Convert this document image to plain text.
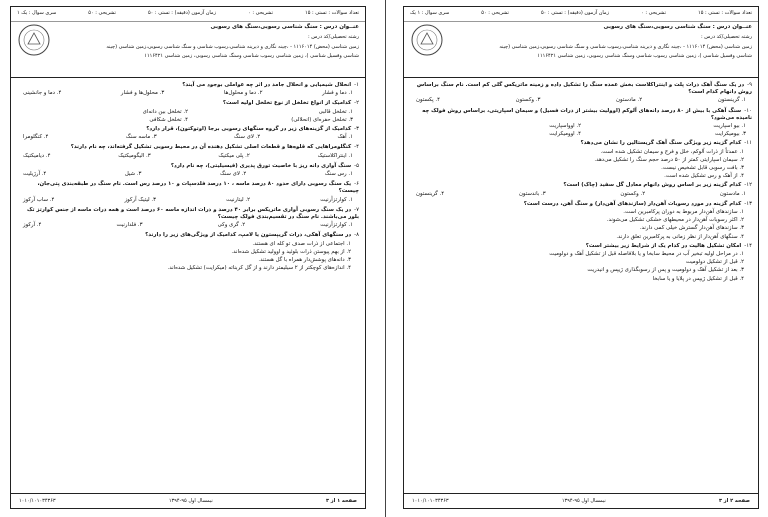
تعداد سوالات : تستی : ۱۵
تشریحی : ۰
زمان آزمون (دقیقه) : تستی : ۵۰
تشریحی : ۵۰
سری سوال : یک ۱
عنــوان درس : سنگ شناسی رسوبی،سنگ های رسوبی
رشته تحصیلی/کد درس :
زمین شناسی (محض) ۱۱۱۶۰۱۴ - ،چینه نگاری و دیرینه شناسی،رسوب شناسی و سنگ شناسی رسوبی،زمین شناسی (چینه
شناسی وفسیل شناسی )، زمین شناسی رسوب شناسی وسنگ شناسی رسوبی، زمین شناسی ۱۱۱۶۴۲۱
۱-انحلال شیمیایی و انحلال جامد در اثر چه عواملی بوجود می آیند؟
۱. دما و فشار
۲. دما و محلول‌ها
۳. محلول‌ها و فشار
۴. دما و جانشینی
۲-کدامیک از انواع تخلخل از نوع تخلخل اولیه است؟
۱. تخلخل قالبی
۲. تخلخل بین دانه‌ای
۳. تخلخل حفره‌ای (انحلالی)
۴. تخلخل شکافی
۳-کدامیک از گزینه‌های زیر در گروه سنگهای رسوبی برجا (اوتوکتون)، قرار دارد؟
۱. آهک
۲. لای سنگ
۳. ماسه سنگ
۴. کنگلومرا
۴-کنگلومراهایی که قلوه‌ها و قطعات اصلی تشکیل دهنده آن در محیط رسوبی تشکیل گرفته‌اند، چه نام دارند؟
۱. اینتراکلاستیک
۲. پلی میکتیک
۳. الیگومیکتیک
۴. دیامیکتیک
۵-سنگ آواری دانه ریز با خاصیت تورق پذیری (فیسیلیتی)، چه نام دارد؟
۱. رس سنگ
۲. لای سنگ
۳. شیل
۴. آرژیلیت
۶-یک سنگ رسوبی دارای حدود ۸۰ درصد ماسه ، ۱۰ درصد فلدسپات و ۱۰ درصد رس است. نام سنگ در طبقه‌بندی پتی‌جان، چیست؟
۱. کوارتزآرنیت
۲. لیتارنیت
۳. لیتیک آرکوز
۴. ساب آرکوز
۷-در یک سنگ رسوبی آواری ماتریکس برابر ۴۰ درصد و ذرات اندازه ماسه ۶۰ درصد است و همه ذرات ماسه از جنس کوارتز تک بلور می‌باشند. نام سنگ در تقسیم‌بندی فولک چیست؟
۱. کوارتزآرنیت
۲. گری وکی
۳. فلدارنیت
۴. آرکوز
۸-در سنگهای آهکی، ذرات گریپستون یا لامپ، کدامیک از ویژگی‌های زیر را دارند؟
۱. اجتماعی از ذرات صدف تو کله ای هستند.
۲. از بهم پیوستن ذرات بلوئید و اوولید تشکیل شده‌اند.
۳. دانه‌های پوشش‌دار همراه با گل هستند.
۴. اندازه‌های کوچکتر از ۲ سیلیمتر دارند و از گل کربناته (میکرایت) تشکیل شده‌اند.
صفحه ۱ از ۳
نیمسال اول ۹۵-۱۳۹۴
۱۰۱۰/۱۰۱۰۳۴۳۶۳
تعداد سوالات : تستی : ۱۵
تشریحی : ۰
زمان آزمون (دقیقه) : تستی : ۵۰
تشریحی : ۵۰
سری سوال : ۱ یک
عنــوان درس : سنگ شناسی رسوبی،سنگ های رسوبی
رشته تحصیلی/کد درس :
زمین شناسی (محض) ۱۱۱۶۰۱۴ - ،چینه نگاری و دیرینه شناسی،رسوب شناسی و سنگ شناسی رسوبی،زمین شناسی (چینه
شناسی وفسیل شناسی )، زمین شناسی رسوب شناسی وسنگ شناسی رسوبی، زمین شناسی ۱۱۱۶۴۲۱
۹-در یک سنگ آهک ذرات پلت و اینتراکلاست بخش عمده سنگ را تشکیل داده و زمینه ماتریکس گلی کم است. نام سنگ براساس روش دانهام کدام است؟
۱. گرینستون
۲. مادستون
۳. وکستون
۴. پکستون
۱۰-سنگ آهکی با بیش از ۸۰ درصد دانه‌های آلوکم (اوولیت بیشتر از ذرات فسیل) و سیمان اسپاریتی، براساس روش فولک چه نامیده می‌شود؟
۱. بیو اسپاریت
۲. اوواسپاریت
۳. بیومیکرایت
۴. اوومیکرایت
۱۱-کدام گزینه زیر ویژگی سنگ آهک گریستالین را نشان می‌دهد؟
۱. عمدتاً از ذرات آلوکم، خلل و فرج و سیمان تشکیل شده است.
۲. سیمان اسپارایتی کمتر از ۵۰ درصد حجم سنگ را تشکیل می‌دهد.
۳. بافت رسوبی قابل تشخیص نیست.
۴. از آهک و رس تشکیل شده است.
۱۲-کدام گزینه زیر بر اساس روش دانهام معادل گل سفید (چاک) است؟
۱. مادستون
۲. وکستون
۳. باندستون
۴. گرینستون
۱۳-کدام گزینه در مورد رسوبات آهن‌دار (سازندهای آهن‌دار) و سنگ آهن، درست است؟
۱. سازندهای آهن‌دار مربوط به دوران پرکامبرین است.
۲. اکثر رسوبات آهن‌دار در محیطهای خشکی تشکیل می‌شوند.
۳. سازندهای آهن‌دار گسترش خیلی کمی دارند.
۴. سنگهای آهن‌دار از نظر زمانی به پرکامبرین تعلق دارند.
۱۴-امکان تشکیل هالیت در کدام یک از شرایط زیر بیشتر است؟
۱. در مراحل اولیه تبخیر آب در محیط سابخا و یا بلافاصله قبل از تشکیل آهک و دولومیت
۲. قبل از تشکیل دولومیت
۳. بعد از تشکیل آهک و دولومیت و پس از رسوبگذاری ژیپس و انیدریت
۴. قبل از تشکیل ژیپس در پلایا و یا سابخا
صفحه ۲ از ۳
نیمسال اول ۹۵-۱۳۹۴
۱۰۱۰/۱۰۱۰۳۴۳۶۳
